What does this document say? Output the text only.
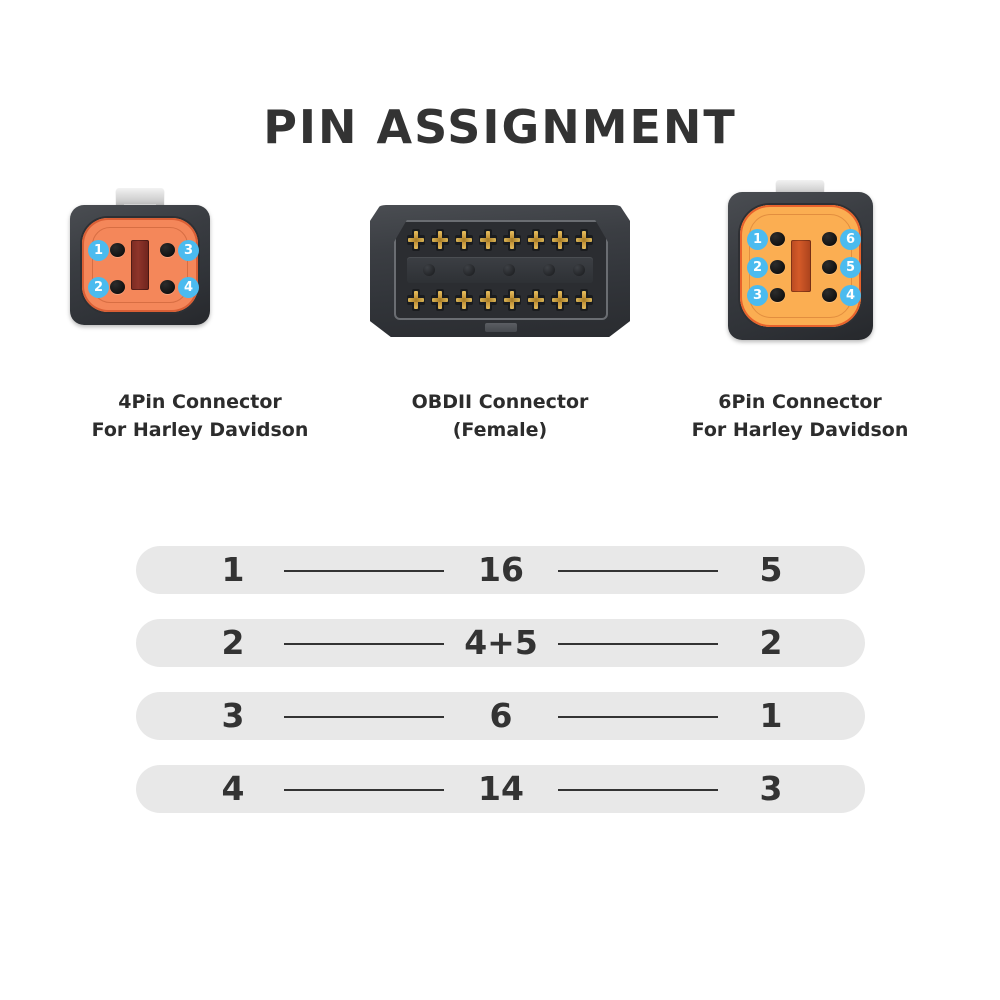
PIN ASSIGNMENT
1
2
3
4
4Pin Connector
For Harley Davidson
OBDII Connector
(Female)
1
2
3
6
5
4
6Pin Connector
For Harley Davidson
1	16	5
2	4+5	2
3	6	1
4	14	3
